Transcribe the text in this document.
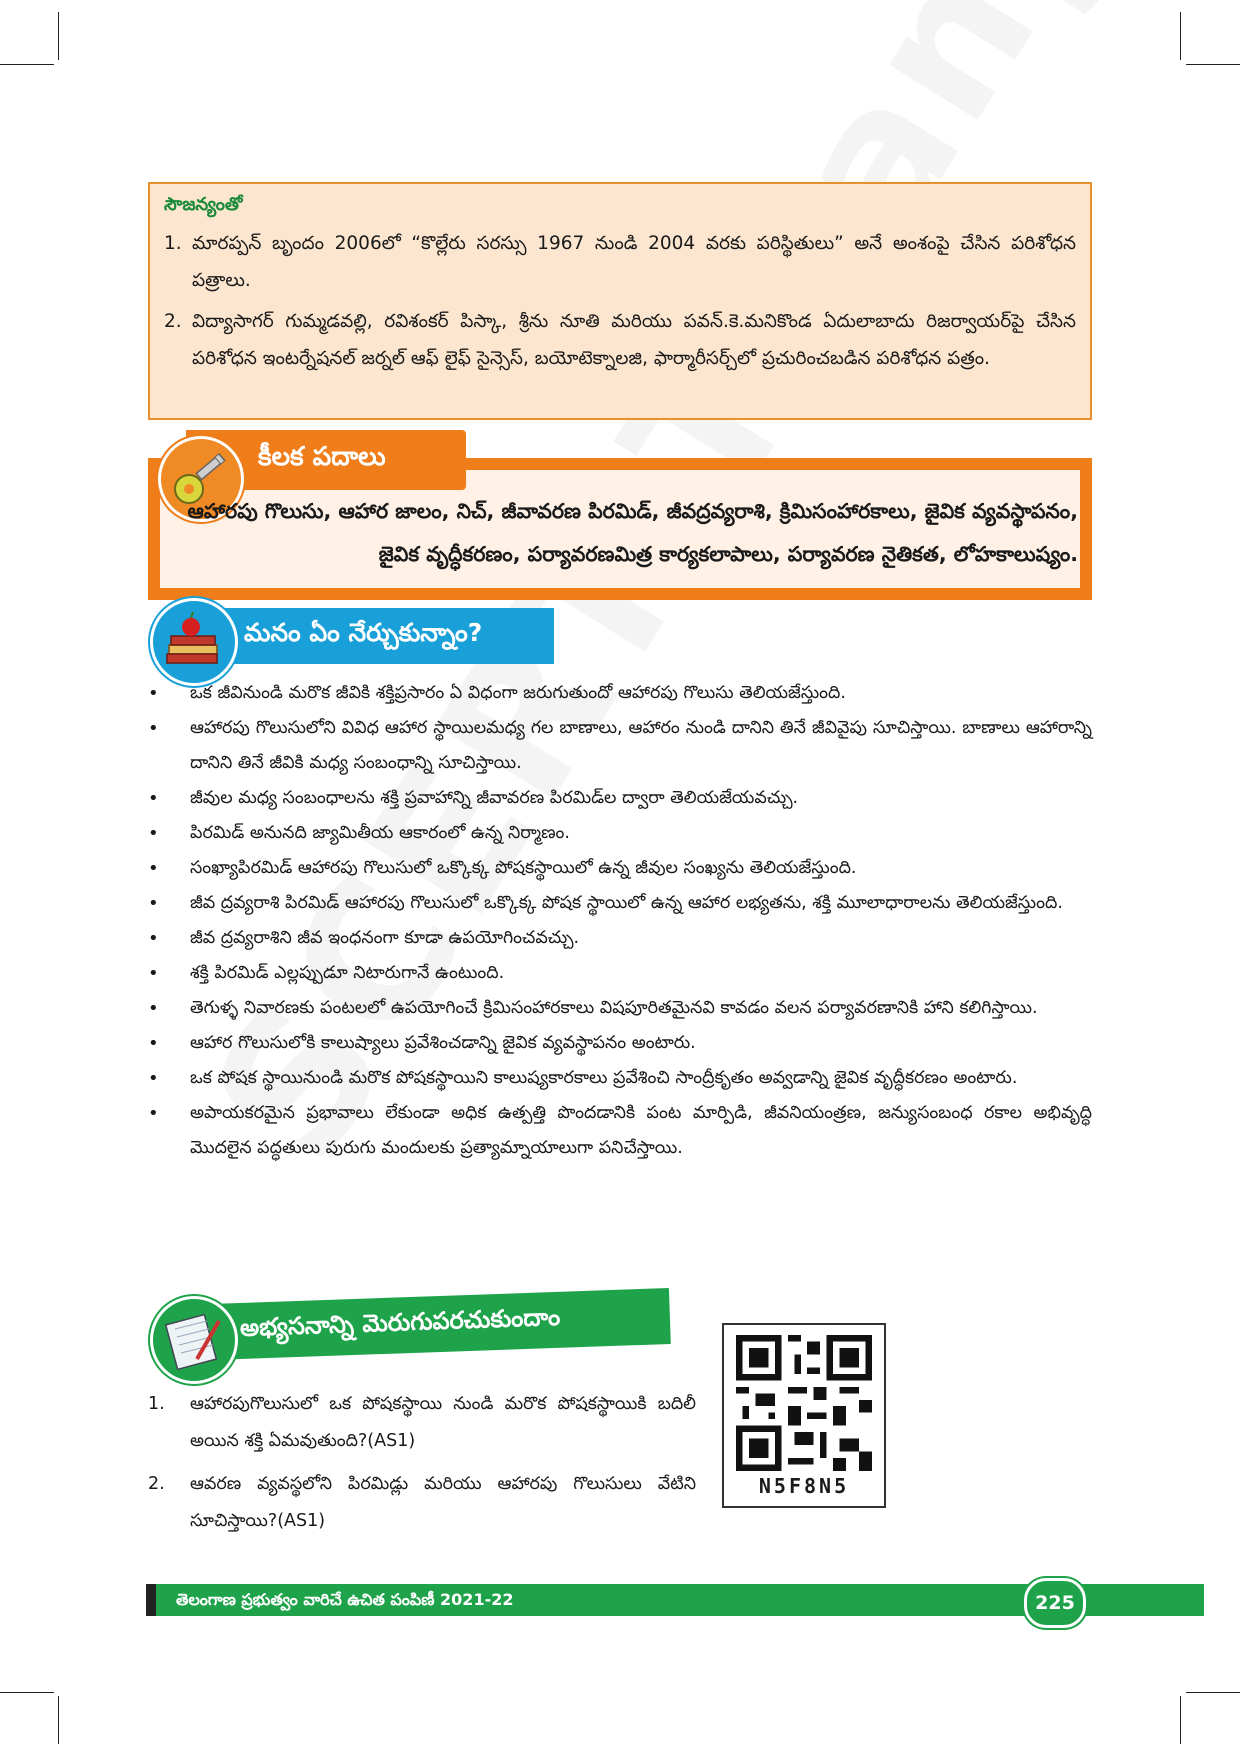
సౌజన్యంతో
1. మారప్పన్ బృందం 2006లో “కొల్లేరు సరస్సు 1967 నుండి 2004 వరకు పరిస్థితులు” అనే అంశంపై చేసిన పరిశోధన పత్రాలు.
2. విద్యాసాగర్ గుమ్మడవల్లి, రవిశంకర్ పిస్కా, శ్రీను నూతి మరియు పవన్.కె.మనికొండ ఏదులాబాదు రిజర్వాయర్‌పై చేసిన పరిశోధన ఇంటర్నేషనల్ జర్నల్ ఆఫ్ లైఫ్ సైన్సెస్, బయోటెక్నాలజి, ఫార్మారీసర్చ్‌లో ప్రచురించబడిన పరిశోధన పత్రం.
కీలక పదాలు
ఆహారపు గొలుసు, ఆహార జాలం, నిచ్, జీవావరణ పిరమిడ్, జీవద్రవ్యరాశి, క్రిమిసంహారకాలు, జైవిక వ్యవస్థాపనం, జైవిక వృద్ధీకరణం, పర్యావరణమిత్ర కార్యకలాపాలు, పర్యావరణ నైతికత, లోహకాలుష్యం.
మనం ఏం నేర్చుకున్నాం?
• ఒక జీవినుండి మరొక జీవికి శక్తిప్రసారం ఏ విధంగా జరుగుతుందో ఆహారపు గొలుసు తెలియజేస్తుంది.
• ఆహారపు గొలుసులోని వివిధ ఆహార స్థాయిలమధ్య గల బాణాలు, ఆహారం నుండి దానిని తినే జీవివైపు సూచిస్తాయి. బాణాలు ఆహారాన్ని దానిని తినే జీవికి మధ్య సంబంధాన్ని సూచిస్తాయి.
• జీవుల మధ్య సంబంధాలను శక్తి ప్రవాహాన్ని జీవావరణ పిరమిడ్‌ల ద్వారా తెలియజేయవచ్చు.
• పిరమిడ్ అనునది జ్యామితీయ ఆకారంలో ఉన్న నిర్మాణం.
• సంఖ్యాపిరమిడ్ ఆహారపు గొలుసులో ఒక్కొక్క పోషకస్థాయిలో ఉన్న జీవుల సంఖ్యను తెలియజేస్తుంది.
• జీవ ద్రవ్యరాశి పిరమిడ్ ఆహారపు గొలుసులో ఒక్కొక్క పోషక స్థాయిలో ఉన్న ఆహార లభ్యతను, శక్తి మూలాధారాలను తెలియజేస్తుంది.
• జీవ ద్రవ్యరాశిని జీవ ఇంధనంగా కూడా ఉపయోగించవచ్చు.
• శక్తి పిరమిడ్ ఎల్లప్పుడూ నిటారుగానే ఉంటుంది.
• తెగుళ్ళ నివారణకు పంటలలో ఉపయోగించే క్రిమిసంహారకాలు విషపూరితమైనవి కావడం వలన పర్యావరణానికి హాని కలిగిస్తాయి.
• ఆహార గొలుసులోకి కాలుష్యాలు ప్రవేశించడాన్ని జైవిక వ్యవస్థాపనం అంటారు.
• ఒక పోషక స్థాయినుండి మరొక పోషకస్థాయిని కాలుష్యకారకాలు ప్రవేశించి సాంద్రీకృతం అవ్వడాన్ని జైవిక వృద్ధీకరణం అంటారు.
• అపాయకరమైన ప్రభావాలు లేకుండా అధిక ఉత్పత్తి పొందడానికి పంట మార్పిడి, జీవనియంత్రణ, జన్యుసంబంధ రకాల అభివృద్ధి మొదలైన పద్ధతులు పురుగు మందులకు ప్రత్యామ్నాయాలుగా పనిచేస్తాయి.
అభ్యసనాన్ని మెరుగుపరచుకుందాం
1. ఆహారపుగొలుసులో ఒక పోషకస్థాయి నుండి మరొక పోషకస్థాయికి బదిలీ అయిన శక్తి ఏమవుతుంది?(AS1)
2. ఆవరణ వ్యవస్థలోని పిరమిడ్లు మరియు ఆహారపు గొలుసులు వేటిని సూచిస్తాయి?(AS1)
N5F8N5
తెలంగాణ ప్రభుత్వం వారిచే ఉచిత పంపిణీ 2021-22	225
